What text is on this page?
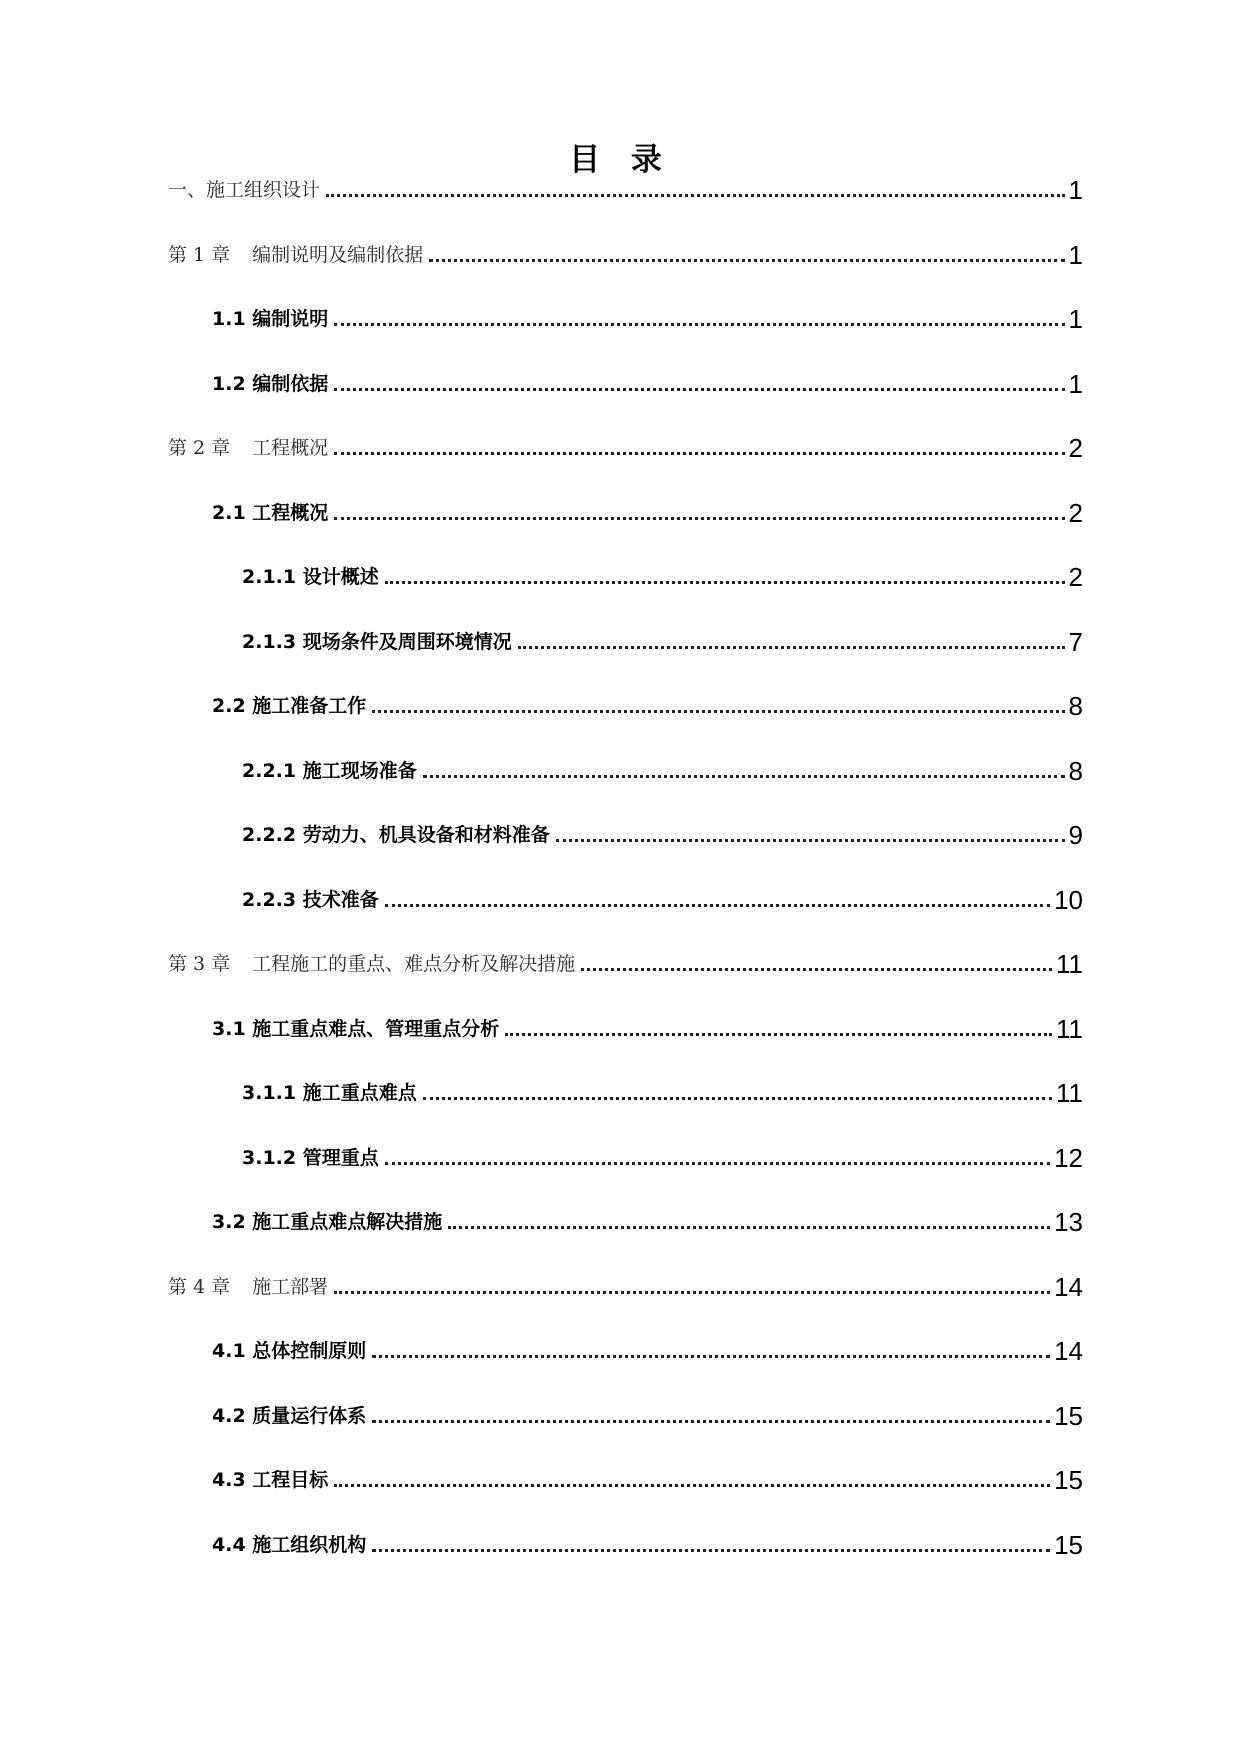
目 录
一、施工组织设计	1
第 1 章 编制说明及编制依据	1
1.1 编制说明	1
1.2 编制依据	1
第 2 章 工程概况	2
2.1 工程概况	2
2.1.1 设计概述	2
2.1.3 现场条件及周围环境情况	7
2.2 施工准备工作	8
2.2.1 施工现场准备	8
2.2.2 劳动力、机具设备和材料准备	9
2.2.3 技术准备	10
第 3 章 工程施工的重点、难点分析及解决措施	11
3.1 施工重点难点、管理重点分析	11
3.1.1 施工重点难点	11
3.1.2 管理重点	12
3.2 施工重点难点解决措施	13
第 4 章 施工部署	14
4.1 总体控制原则	14
4.2 质量运行体系	15
4.3 工程目标	15
4.4 施工组织机构	15
